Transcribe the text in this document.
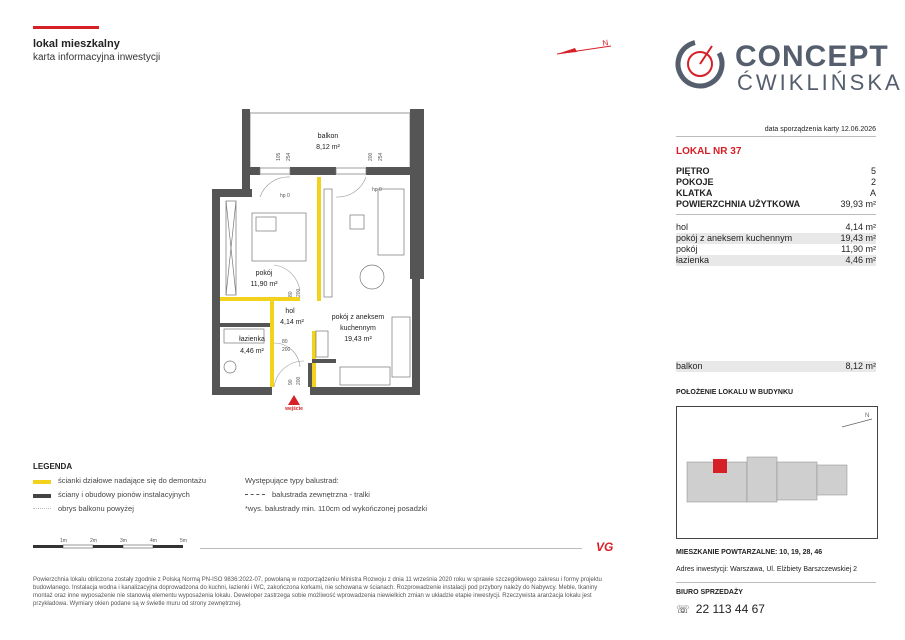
lokal mieszkalny
karta informacyjna inwestycji
N	CONCEPT
ĆWIKLIŃSKA
data sporządzenia karty 12.06.2026
LOKAL NR 37
PIĘTRO	5
POKOJE	2
KLATKA	A
POWIERZCHNIA UŻYTKOWA	39,93 m²
hol	4,14 m²
pokój z aneksem kuchennym	19,43 m²
pokój	11,90 m²
łazienka	4,46 m²
balkon	8,12 m²
POŁOŻENIE LOKALU W BUDYNKU
N
MIESZKANIE POWTARZALNE: 10, 19, 28, 46
Adres inwestycji: Warszawa, Ul. Elżbiety Barszczewskiej 2
BIURO SPRZEDAŻY
☏ 22 113 44 67
balkon
8,12 m²
pokój
11,90 m²
hol
4,14 m²
łazienka
4,46 m²
pokój z aneksem
kuchennym
19,43 m²
hp 0
hp 0
105 254	200 254
80 200
80
200
90 200
wejście
LEGENDA
ścianki działowe nadające się do demontażu
ściany i obudowy pionów instalacyjnych
obrys balkonu powyżej
Występujące typy balustrad:
balustrada zewnętrzna - tralki
*wys. balustrady min. 110cm od wykończonej posadzki
1m	2m	3m	4m	5m	VG
Powierzchnia lokalu obliczona zostały zgodnie z Polską Normą PN-ISO 9836:2022-07, powołaną w rozporządzeniu Ministra Rozwoju z dnia 11 września 2020 roku w sprawie szczegółowego zakresu i formy projektu budowlanego. Instalacja wodna i kanalizacyjna doprowadzona do kuchni, łazienki i WC, zakończona korkami, nie schowana w ścianach. Rozprowadzenie instalacji pod przybory należy do Nabywcy. Meble, tkaniny montaż oraz inne wyposażenie nie stanowią elementu wyposażenia lokalu. Deweloper zastrzega sobie możliwość wprowadzenia niewielkich zmian w układzie etapie inwestycji. Rzeczywista aranżacja lokalu jest przykładowa. Wymiary okien podane są w świetle muru od strony zewnętrznej.
